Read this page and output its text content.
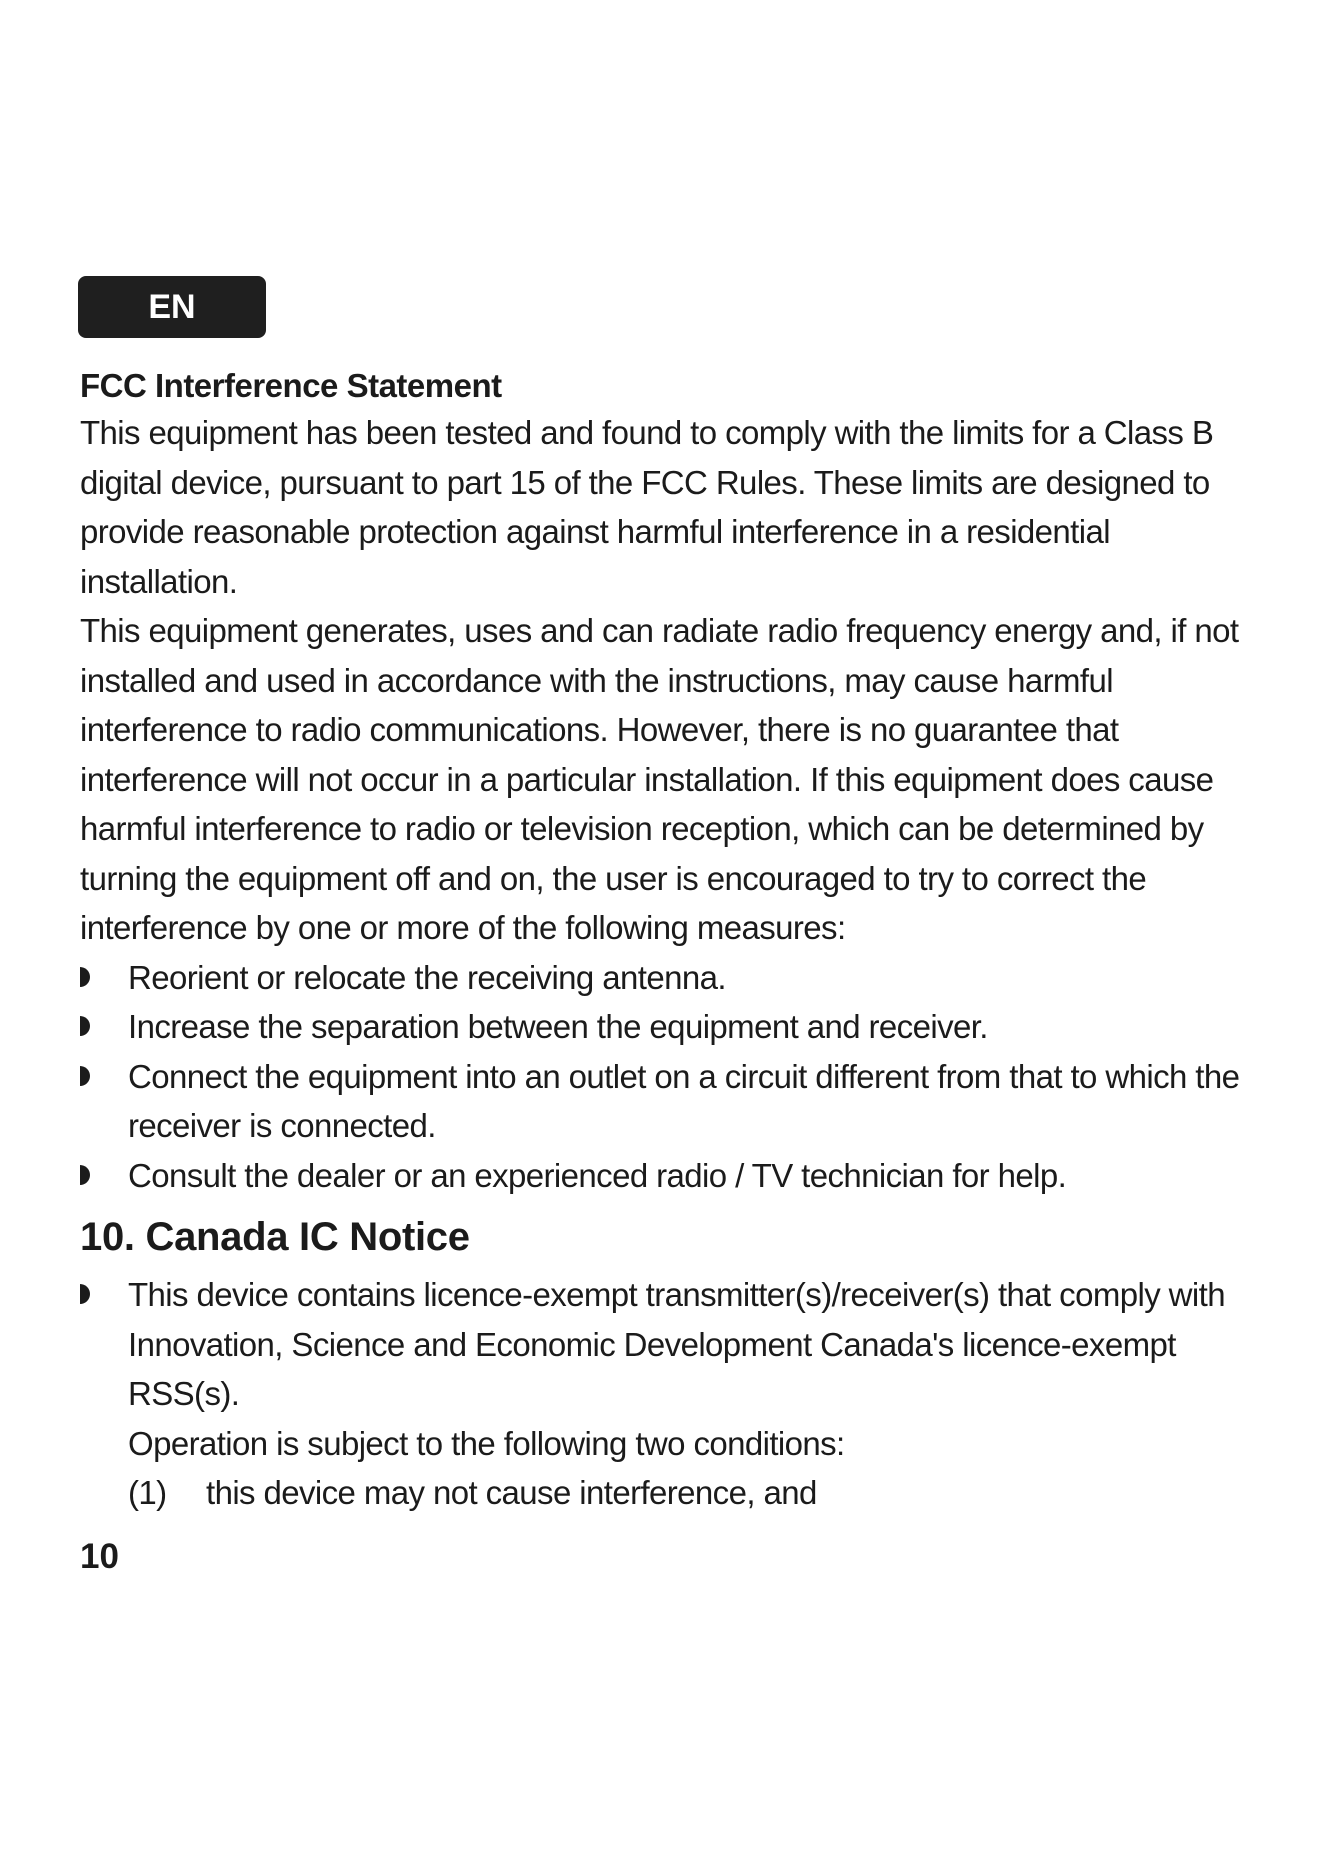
EN
FCC Interference Statement

This equipment has been tested and found to comply with the limits for a Class B digital device, pursuant to part 15 of the FCC Rules. These limits are designed to provide reasonable protection against harmful interference in a residential installation.

This equipment generates, uses and can radiate radio frequency energy and, if not installed and used in accordance with the instructions, may cause harmful interference to radio communications. However, there is no guarantee that interference will not occur in a particular installation. If this equipment does cause harmful interference to radio or television reception, which can be determined by turning the equipment off and on, the user is encouraged to try to correct the interference by one or more of the following measures:

Reorient or relocate the receiving antenna.
Increase the separation between the equipment and receiver.
Connect the equipment into an outlet on a circuit different from that to which the receiver is connected.
Consult the dealer or an experienced radio / TV technician for help.
10. Canada IC Notice
This device contains licence-exempt transmitter(s)/receiver(s) that comply with Innovation, Science and Economic Development Canada's licence-exempt RSS(s).

Operation is subject to the following two conditions:

(1) this device may not cause interference, and
10
